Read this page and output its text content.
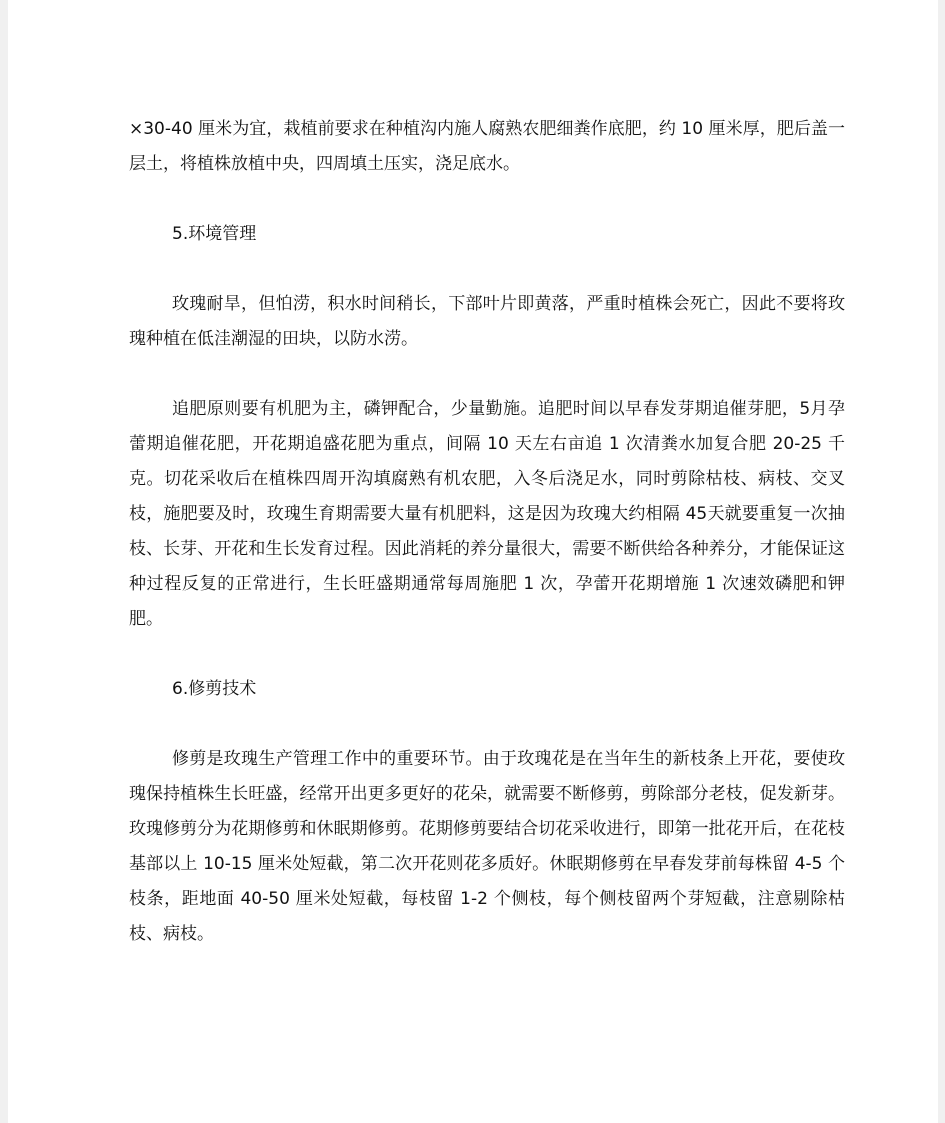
×30-40 厘米为宜，栽植前要求在种植沟内施人腐熟农肥细粪作底肥，约 10 厘米厚，肥后盖一层土，将植株放植中央，四周填土压实，浇足底水。

5.环境管理

玫瑰耐旱，但怕涝，积水时间稍长，下部叶片即黄落，严重时植株会死亡，因此不要将玫瑰种植在低洼潮湿的田块，以防水涝。

追肥原则要有机肥为主，磷钾配合，少量勤施。追肥时间以早春发芽期追催芽肥，5月孕蕾期追催花肥，开花期追盛花肥为重点，间隔 10 天左右亩追 1 次清粪水加复合肥 20-25 千克。切花采收后在植株四周开沟填腐熟有机农肥，入冬后浇足水，同时剪除枯枝、病枝、交叉枝，施肥要及时，玫瑰生育期需要大量有机肥料，这是因为玫瑰大约相隔 45天就要重复一次抽枝、长芽、开花和生长发育过程。因此消耗的养分量很大，需要不断供给各种养分，才能保证这种过程反复的正常进行，生长旺盛期通常每周施肥 1 次，孕蕾开花期增施 1 次速效磷肥和钾肥。

6.修剪技术

修剪是玫瑰生产管理工作中的重要环节。由于玫瑰花是在当年生的新枝条上开花，要使玫瑰保持植株生长旺盛，经常开出更多更好的花朵，就需要不断修剪，剪除部分老枝，促发新芽。玫瑰修剪分为花期修剪和休眠期修剪。花期修剪要结合切花采收进行，即第一批花开后，在花枝基部以上 10-15 厘米处短截，第二次开花则花多质好。休眠期修剪在早春发芽前每株留 4-5 个枝条，距地面 40-50 厘米处短截，每枝留 1-2 个侧枝，每个侧枝留两个芽短截，注意剔除枯枝、病枝。
